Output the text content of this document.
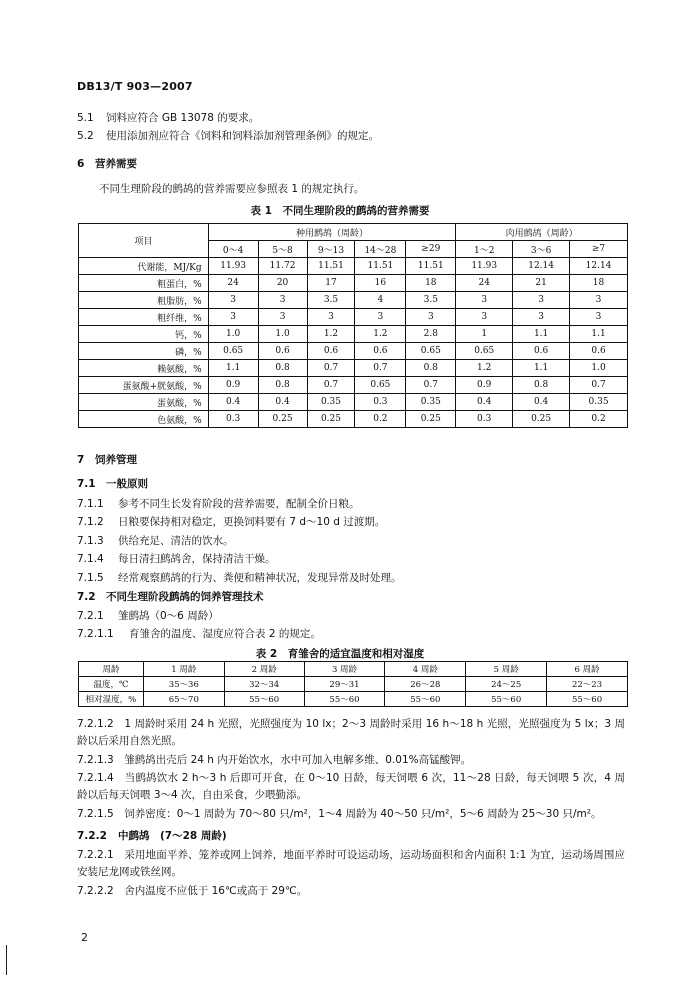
DB13/T 903—2007
5.1 饲料应符合 GB 13078 的要求。
5.2 使用添加剂应符合《饲料和饲料添加剂管理条例》的规定。
6 营养需要
不同生理阶段的鹧鸪的营养需要应参照表 1 的规定执行。
表 1　不同生理阶段的鹧鸪的营养需要
项目	种用鹧鸪（周龄）					肉用鹧鸪（周龄）		
	0～4	5～8	9～13	14～28	≥29	1～2	3～6	≥7
代谢能，MJ/Kg	11.93	11.72	11.51	11.51	11.51	11.93	12.14	12.14
粗蛋白，%	24	20	17	16	18	24	21	18
粗脂肪，%	3	3	3.5	4	3.5	3	3	3
粗纤维，%	3	3	3	3	3	3	3	3
钙，%	1.0	1.0	1.2	1.2	2.8	1	1.1	1.1
磷，%	0.65	0.6	0.6	0.6	0.65	0.65	0.6	0.6
赖氨酸，%	1.1	0.8	0.7	0.7	0.8	1.2	1.1	1.0
蛋氨酸+胱氨酸，%	0.9	0.8	0.7	0.65	0.7	0.9	0.8	0.7
蛋氨酸，%	0.4	0.4	0.35	0.3	0.35	0.4	0.4	0.35
色氨酸，%	0.3	0.25	0.25	0.2	0.25	0.3	0.25	0.2
7 饲养管理
7.1 一般原则
7.1.1 参考不同生长发育阶段的营养需要，配制全价日粮。
7.1.2 日粮要保持相对稳定，更换饲料要有 7 d～10 d 过渡期。
7.1.3 供给充足、清洁的饮水。
7.1.4 每日清扫鹧鸪舍，保持清洁干燥。
7.1.5 经常观察鹧鸪的行为、粪便和精神状况，发现异常及时处理。
7.2 不同生理阶段鹧鸪的饲养管理技术
7.2.1 雏鹧鸪（0～6 周龄）
7.2.1.1 育雏舍的温度、湿度应符合表 2 的规定。
表 2　育雏舍的适宜温度和相对湿度
周龄	1 周龄	2 周龄	3 周龄	4 周龄	5 周龄	6 周龄
温度，℃	35～36	32～34	29～31	26～28	24～25	22～23
相对湿度，%	65～70	55～60	55～60	55～60	55～60	55～60
7.2.1.2　1 周龄时采用 24 h 光照，光照强度为 10 lx；2～3 周龄时采用 16 h～18 h 光照，光照强度为 5 lx；3 周龄以后采用自然光照。
7.2.1.3　雏鹧鸪出壳后 24 h 内开始饮水，水中可加入电解多维、0.01%高锰酸钾。
7.2.1.4　当鹧鸪饮水 2 h～3 h 后即可开食，在 0～10 日龄，每天饲喂 6 次，11～28 日龄，每天饲喂 5 次，4 周龄以后每天饲喂 3～4 次，自由采食，少喂勤添。
7.2.1.5　饲养密度：0～1 周龄为 70～80 只/m²，1～4 周龄为 40～50 只/m²，5～6 周龄为 25～30 只/m²。
7.2.2 中鹧鸪　(7～28 周龄)
7.2.2.1　采用地面平养、笼养或网上饲养，地面平养时可设运动场，运动场面积和舍内面积 1:1 为宜，运动场周围应安装尼龙网或铁丝网。
7.2.2.2　舍内温度不应低于 16℃或高于 29℃。
2
